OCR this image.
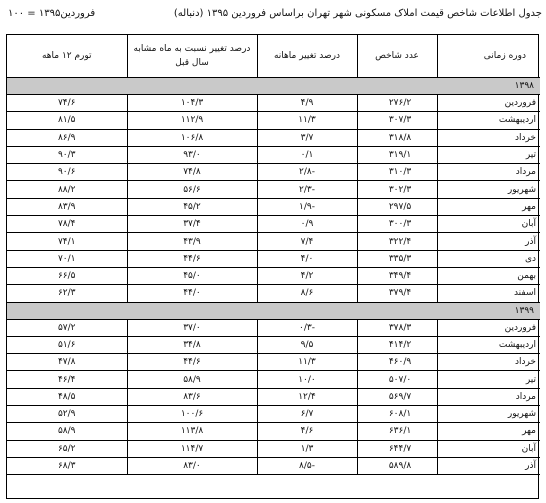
جدول اطلاعات شاخص قیمت املاک مسکونی شهر تهران براساس فروردین ۱۳۹۵ (دنباله)
فروردین۱۳۹۵ = ۱۰۰
دوره زمانی	عدد شاخص	درصد تغییر ماهانه	درصد تغییر نسبت به ماه مشابه سال قبل	تورم ۱۲ ماهه
۱۳۹۸				
فروردین	۲۷۶/۲	۴/۹	۱۰۴/۳	۷۴/۶
اردیبهشت	۳۰۷/۳	۱۱/۳	۱۱۲/۹	۸۱/۵
خرداد	۳۱۸/۸	۳/۷	۱۰۶/۸	۸۶/۹
تیر	۳۱۹/۱	۰/۱	۹۳/۰	۹۰/۳
مرداد	۳۱۰/۳	-۲/۸	۷۴/۸	۹۰/۶
شهریور	۳۰۲/۳	-۲/۳	۵۶/۶	۸۸/۲
مهر	۲۹۷/۵	-۱/۹	۴۵/۲	۸۳/۹
آبان	۳۰۰/۳	۰/۹	۳۷/۴	۷۸/۴
آذر	۳۲۲/۴	۷/۴	۴۳/۹	۷۴/۱
دی	۳۳۵/۳	۴/۰	۴۴/۶	۷۰/۱
بهمن	۳۴۹/۴	۴/۲	۴۵/۰	۶۶/۵
اسفند	۳۷۹/۴	۸/۶	۴۴/۰	۶۲/۳
۱۳۹۹				
فروردین	۳۷۸/۳	-۰/۳	۳۷/۰	۵۷/۲
اردیبهشت	۴۱۴/۲	۹/۵	۳۴/۸	۵۱/۶
خرداد	۴۶۰/۹	۱۱/۳	۴۴/۶	۴۷/۸
تیر	۵۰۷/۰	۱۰/۰	۵۸/۹	۴۶/۴
مرداد	۵۶۹/۷	۱۲/۴	۸۳/۶	۴۸/۵
شهریور	۶۰۸/۱	۶/۷	۱۰۰/۶	۵۲/۹
مهر	۶۳۶/۱	۴/۶	۱۱۳/۸	۵۸/۹
آبان	۶۴۴/۷	۱/۳	۱۱۴/۷	۶۵/۲
آذر	۵۸۹/۸	-۸/۵	۸۳/۰	۶۸/۳
